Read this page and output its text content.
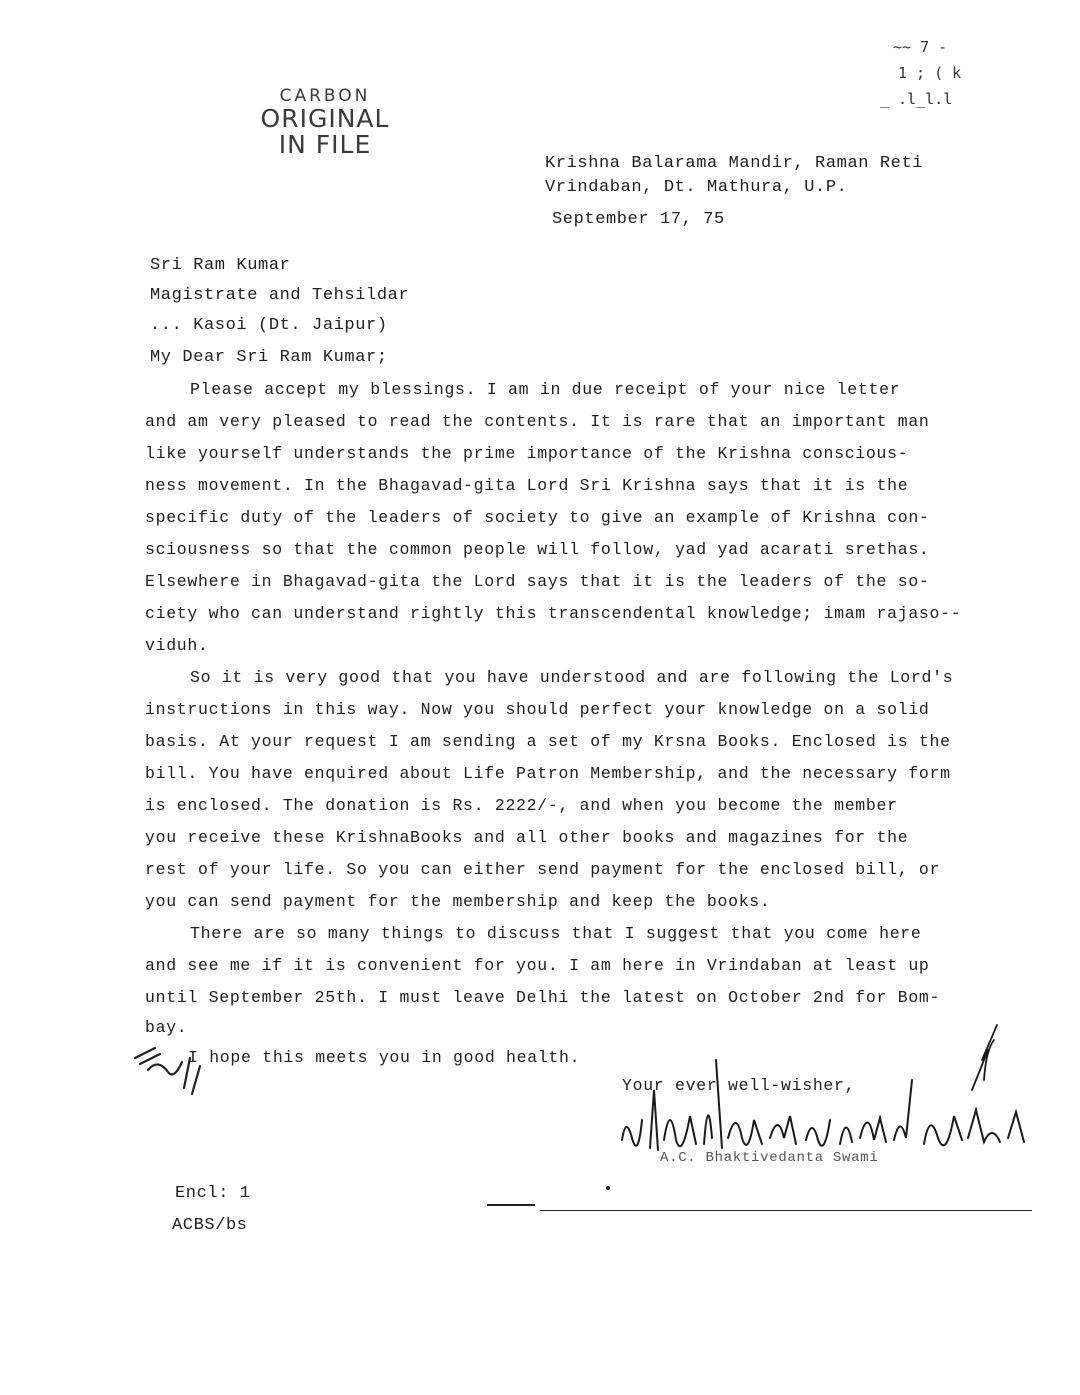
~~ 7 -
1 ; ( k
_ .l_l.l
CARBON
ORIGINAL
IN FILE
Krishna Balarama Mandir, Raman Reti
Vrindaban, Dt. Mathura, U.P.
September 17, 75
Sri Ram Kumar
Magistrate and Tehsildar
... Kasoi (Dt. Jaipur)
My Dear Sri Ram Kumar;
Please accept my blessings. I am in due receipt of your nice letter
and am very pleased to read the contents. It is rare that an important man
like yourself understands the prime importance of the Krishna conscious-
ness movement. In the Bhagavad-gita Lord Sri Krishna says that it is the
specific duty of the leaders of society to give an example of Krishna con-
sciousness so that the common people will follow, yad yad acarati srethas.
Elsewhere in Bhagavad-gita the Lord says that it is the leaders of the so-
ciety who can understand rightly this transcendental knowledge; imam rajaso--
viduh.
So it is very good that you have understood and are following the Lord's
instructions in this way. Now you should perfect your knowledge on a solid
basis. At your request I am sending a set of my Krsna Books. Enclosed is the
bill. You have enquired about Life Patron Membership, and the necessary form
is enclosed. The donation is Rs. 2222/-, and when you become the member
you receive these KrishnaBooks and all other books and magazines for the
rest of your life. So you can either send payment for the enclosed bill, or
you can send payment for the membership and keep the books.
There are so many things to discuss that I suggest that you come here
and see me if it is convenient for you. I am here in Vrindaban at least up
until September 25th. I must leave Delhi the latest on October 2nd for Bom-
bay.
I hope this meets you in good health.
Your ever well-wisher,
A.C. Bhaktivedanta Swami
Encl: 1
ACBS/bs
